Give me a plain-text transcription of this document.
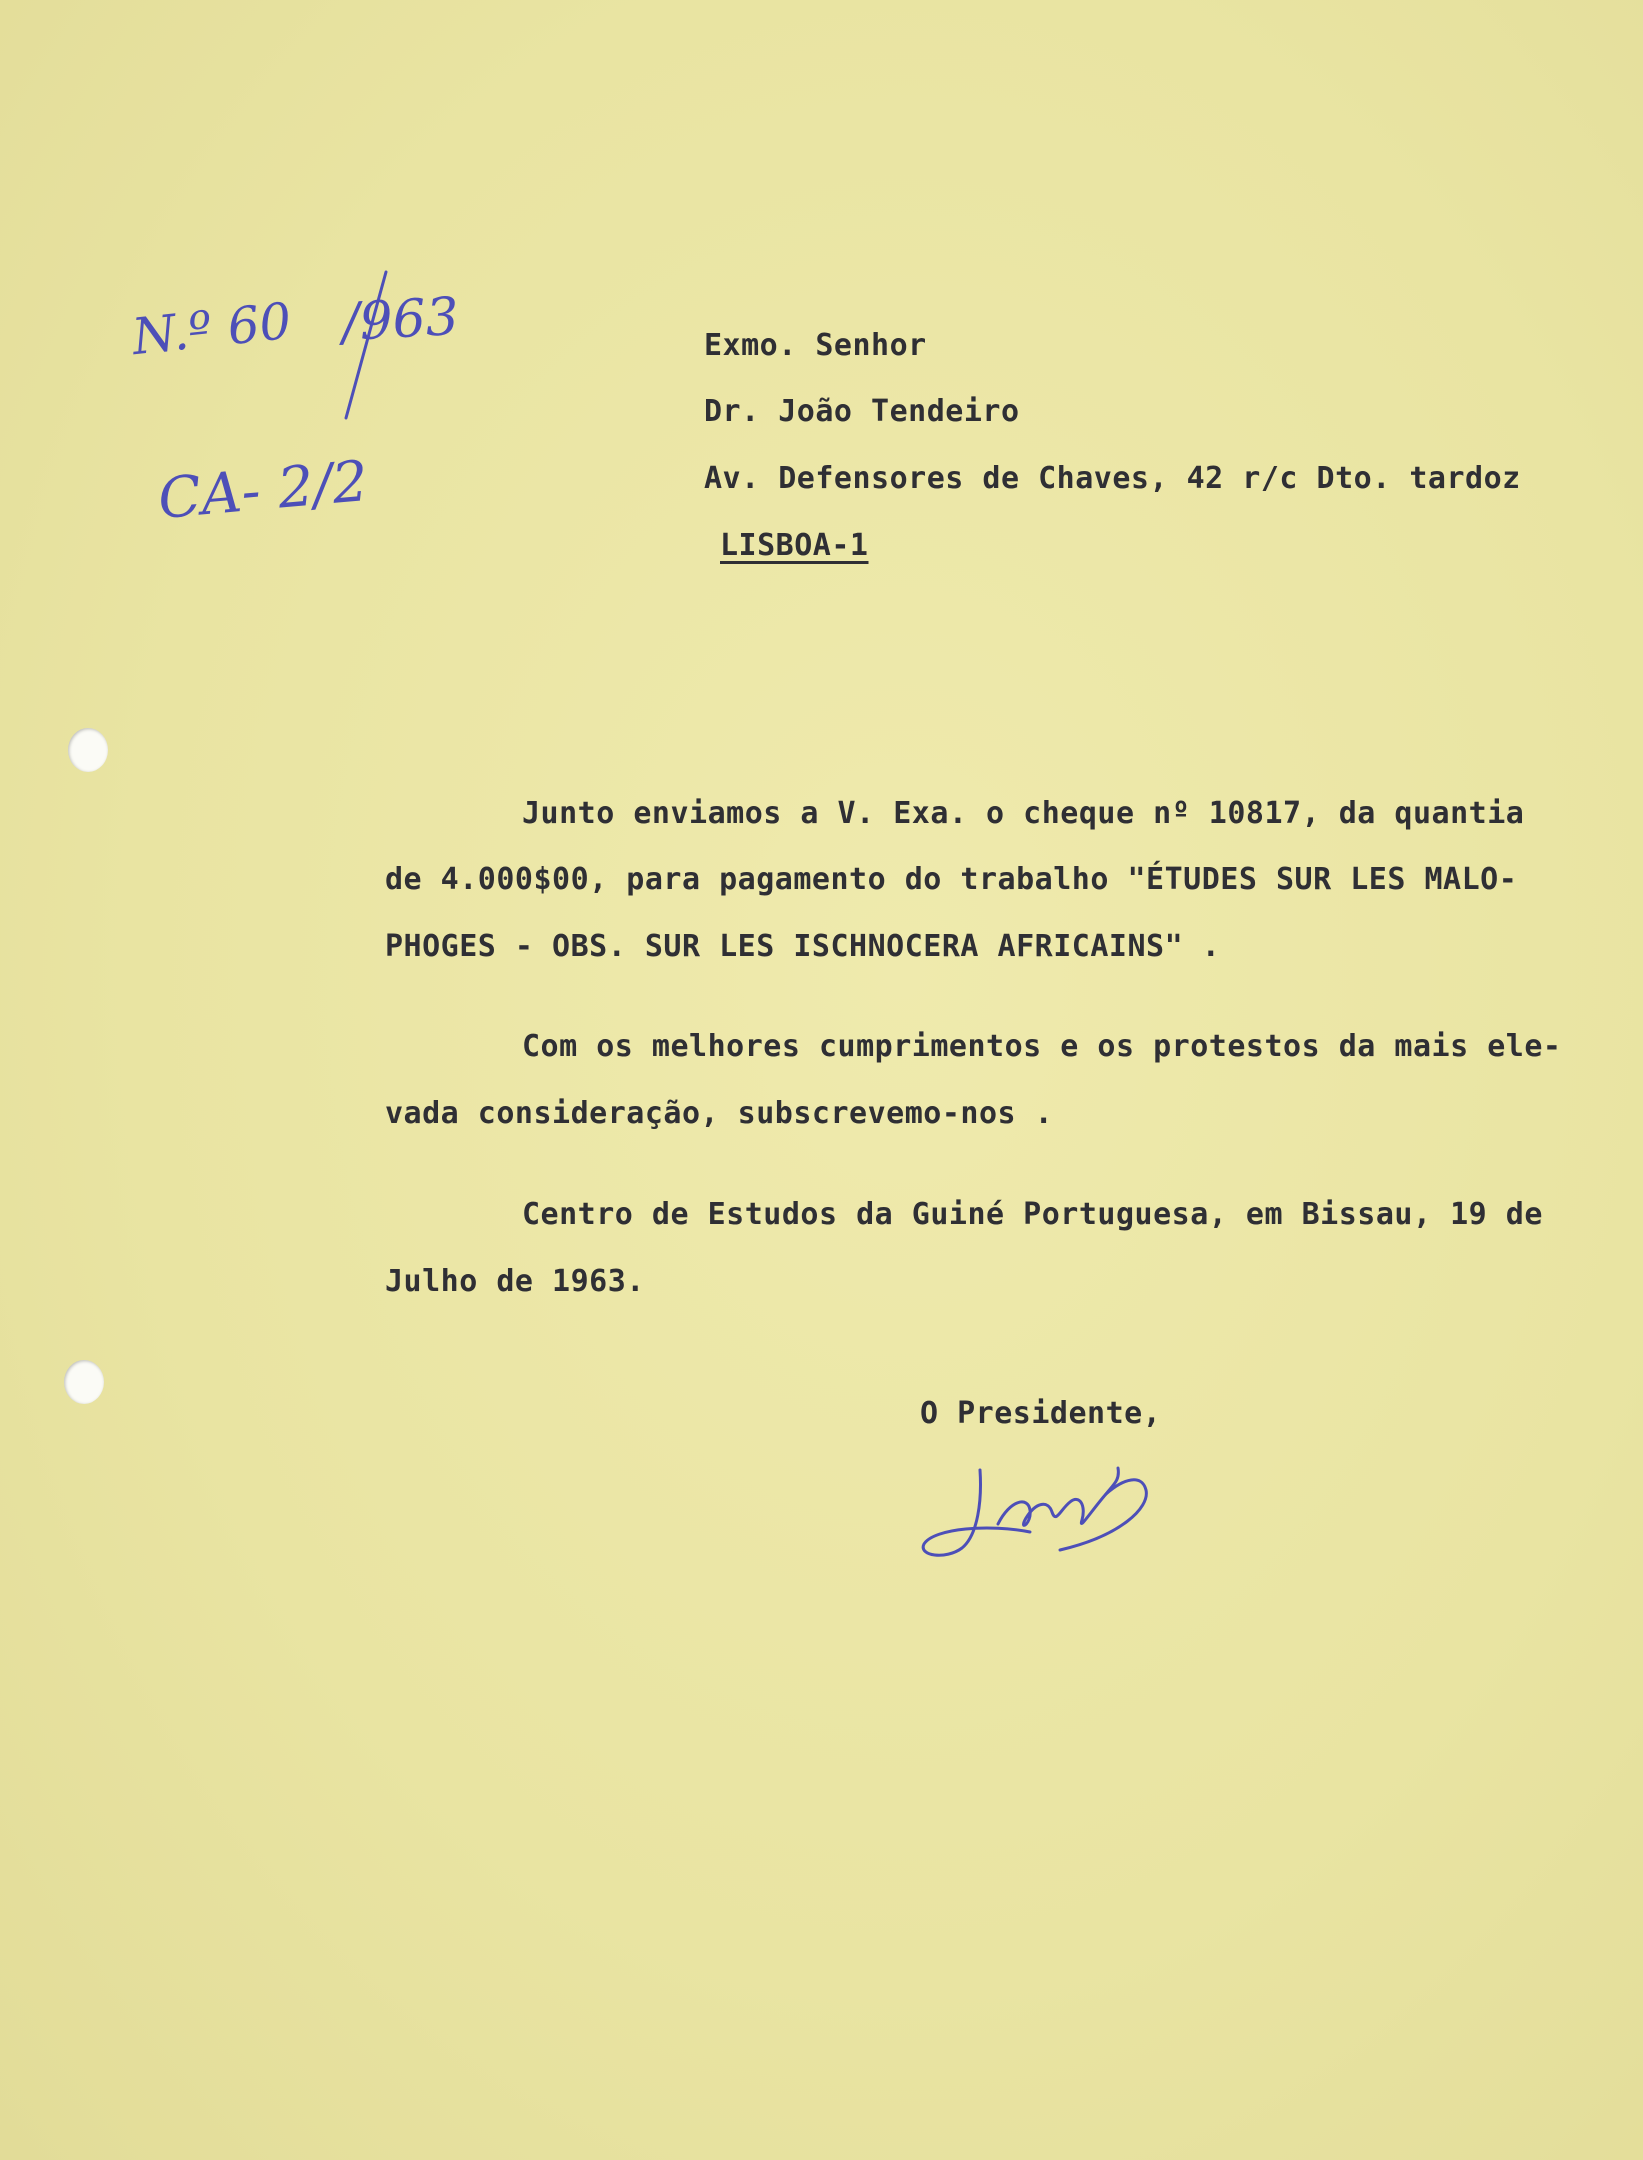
N.º 60 /963
CA- 2/2
Exmo. Senhor
Dr. João Tendeiro
Av. Defensores de Chaves, 42 r/c Dto. tardoz
LISBOA-1
Junto enviamos a V. Exa. o cheque nº 10817, da quantia
de 4.000$00, para pagamento do trabalho "ÉTUDES SUR LES MALO-
PHOGES - OBS. SUR LES ISCHNOCERA AFRICAINS" .
Com os melhores cumprimentos e os protestos da mais ele-
vada consideração, subscrevemo-nos .
Centro de Estudos da Guiné Portuguesa, em Bissau, 19 de
Julho de 1963.
O Presidente,
